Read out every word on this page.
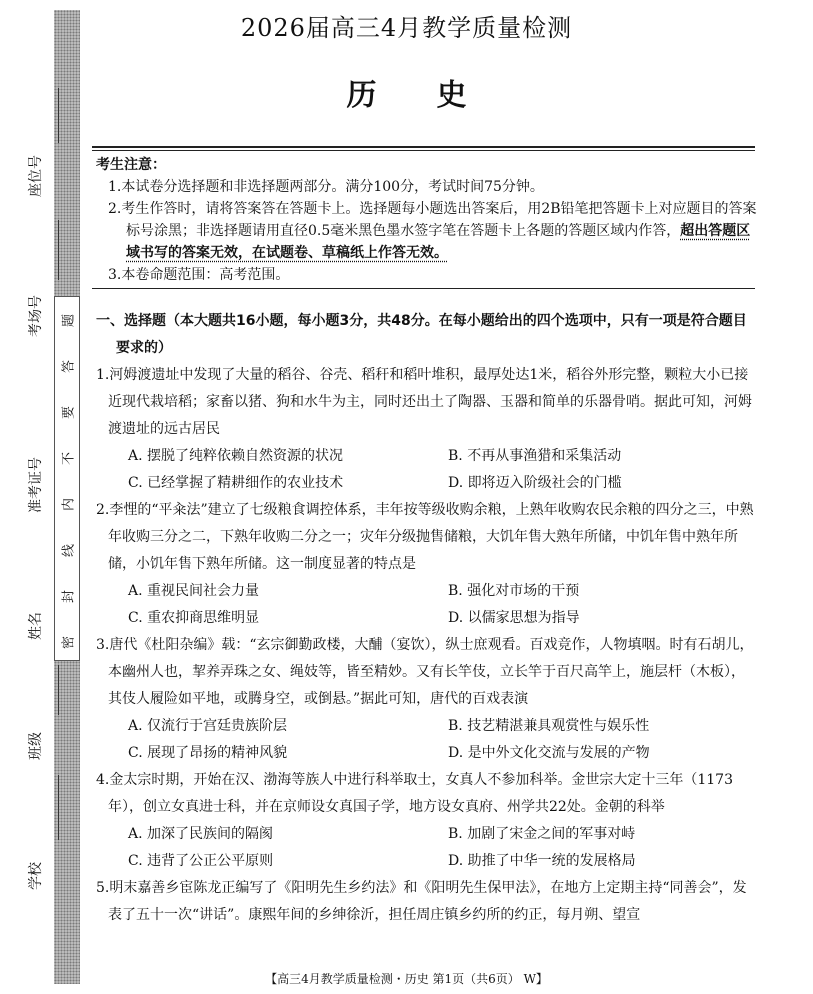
座位号
考场号
准考证号
姓名
班级
学校
题
答
要
不
内
线
封
密
2026届高三4月教学质量检测
历史
考生注意：
1.本试卷分选择题和非选择题两部分。满分100分，考试时间75分钟。
2.考生作答时，请将答案答在答题卡上。选择题每小题选出答案后，用2B铅笔把答题卡上对应题目的答案标号涂黑；非选择题请用直径0.5毫米黑色墨水签字笔在答题卡上各题的答题区域内作答，超出答题区域书写的答案无效，在试题卷、草稿纸上作答无效。
3.本卷命题范围：高考范围。
一、选择题（本大题共16小题，每小题3分，共48分。在每小题给出的四个选项中，只有一项是符合题目要求的）
1.河姆渡遗址中发现了大量的稻谷、谷壳、稻秆和稻叶堆积，最厚处达1米，稻谷外形完整，颗粒大小已接近现代栽培稻；家畜以猪、狗和水牛为主，同时还出土了陶器、玉器和简单的乐器骨哨。据此可知，河姆渡遗址的远古居民
A. 摆脱了纯粹依赖自然资源的状况	B. 不再从事渔猎和采集活动
C. 已经掌握了精耕细作的农业技术	D. 即将迈入阶级社会的门槛
2.李悝的“平籴法”建立了七级粮食调控体系，丰年按等级收购余粮，上熟年收购农民余粮的四分之三，中熟年收购三分之二，下熟年收购二分之一；灾年分级抛售储粮，大饥年售大熟年所储，中饥年售中熟年所储，小饥年售下熟年所储。这一制度显著的特点是
A. 重视民间社会力量	B. 强化对市场的干预
C. 重农抑商思维明显	D. 以儒家思想为指导
3.唐代《杜阳杂编》载：“玄宗御勤政楼，大酺（宴饮），纵士庶观看。百戏竞作，人物填咽。时有石胡儿，本幽州人也，挈养弄珠之女、绳妓等，皆至精妙。又有长竿伎，立长竿于百尺高竿上，施层杆（木板），其伎人履险如平地，或腾身空，或倒悬。”据此可知，唐代的百戏表演
A. 仅流行于宫廷贵族阶层	B. 技艺精湛兼具观赏性与娱乐性
C. 展现了昂扬的精神风貌	D. 是中外文化交流与发展的产物
4.金太宗时期，开始在汉、渤海等族人中进行科举取士，女真人不参加科举。金世宗大定十三年（1173年），创立女真进士科，并在京师设女真国子学，地方设女真府、州学共22处。金朝的科举
A. 加深了民族间的隔阂	B. 加剧了宋金之间的军事对峙
C. 违背了公正公平原则	D. 助推了中华一统的发展格局
5.明末嘉善乡宦陈龙正编写了《阳明先生乡约法》和《阳明先生保甲法》，在地方上定期主持“同善会”，发表了五十一次“讲话”。康熙年间的乡绅徐沂，担任周庄镇乡约所的约正，每月朔、望宣
【高三4月教学质量检测・历史 第1页（共6页） W】
